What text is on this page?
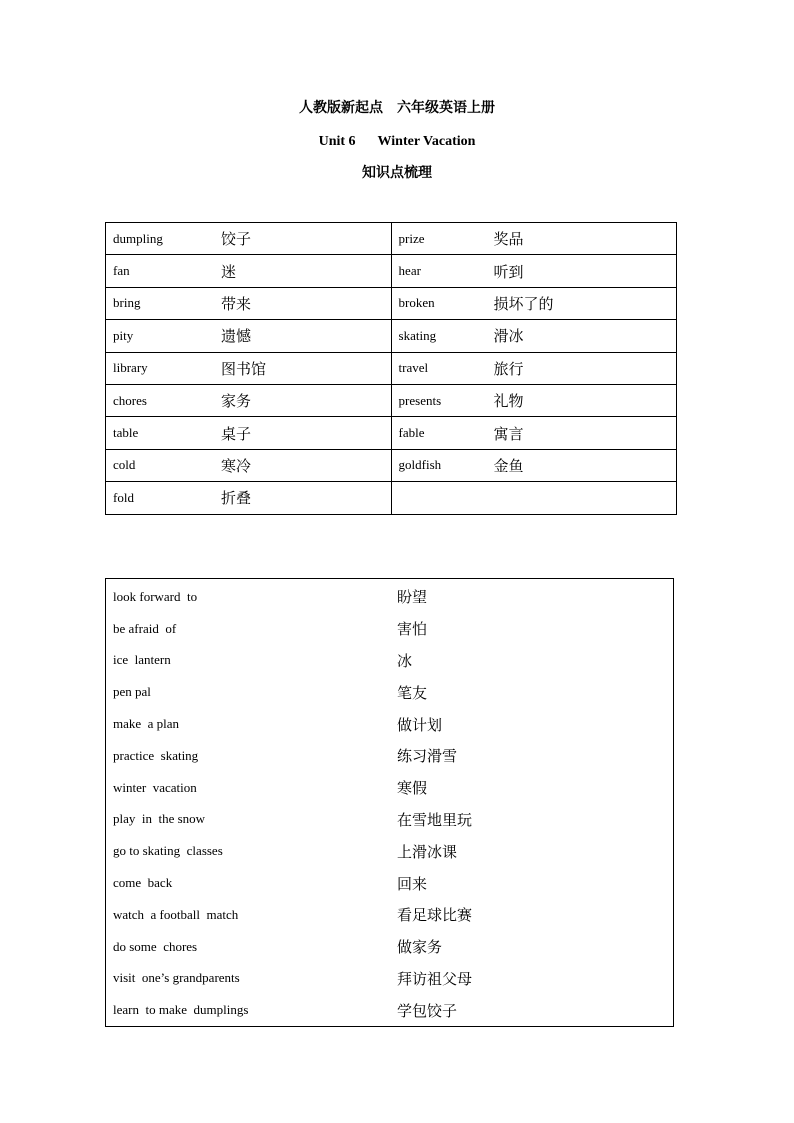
人教版新起点　六年级英语上册
Unit 6 Winter Vacation
知识点梳理
dumpling 饺子	prize 奖品

fan 迷	hear 听到

bring 带来	broken 损坏了的

pity 遗憾	skating 滑冰

library 图书馆	travel 旅行

chores 家务	presents 礼物

table 桌子	fable 寓言

cold 寒冷	goldfish 金鱼

fold 折叠	

look forward  to	盼望
be afraid  of	害怕
ice  lantern	冰
pen pal	笔友
make  a plan	做计划
practice  skating	练习滑雪
winter  vacation	寒假
play  in  the snow	在雪地里玩
go to skating  classes	上滑冰课
come  back	回来
watch  a football  match	看足球比赛
do some  chores	做家务
visit  one’s grandparents	拜访祖父母
learn  to make  dumplings	学包饺子
